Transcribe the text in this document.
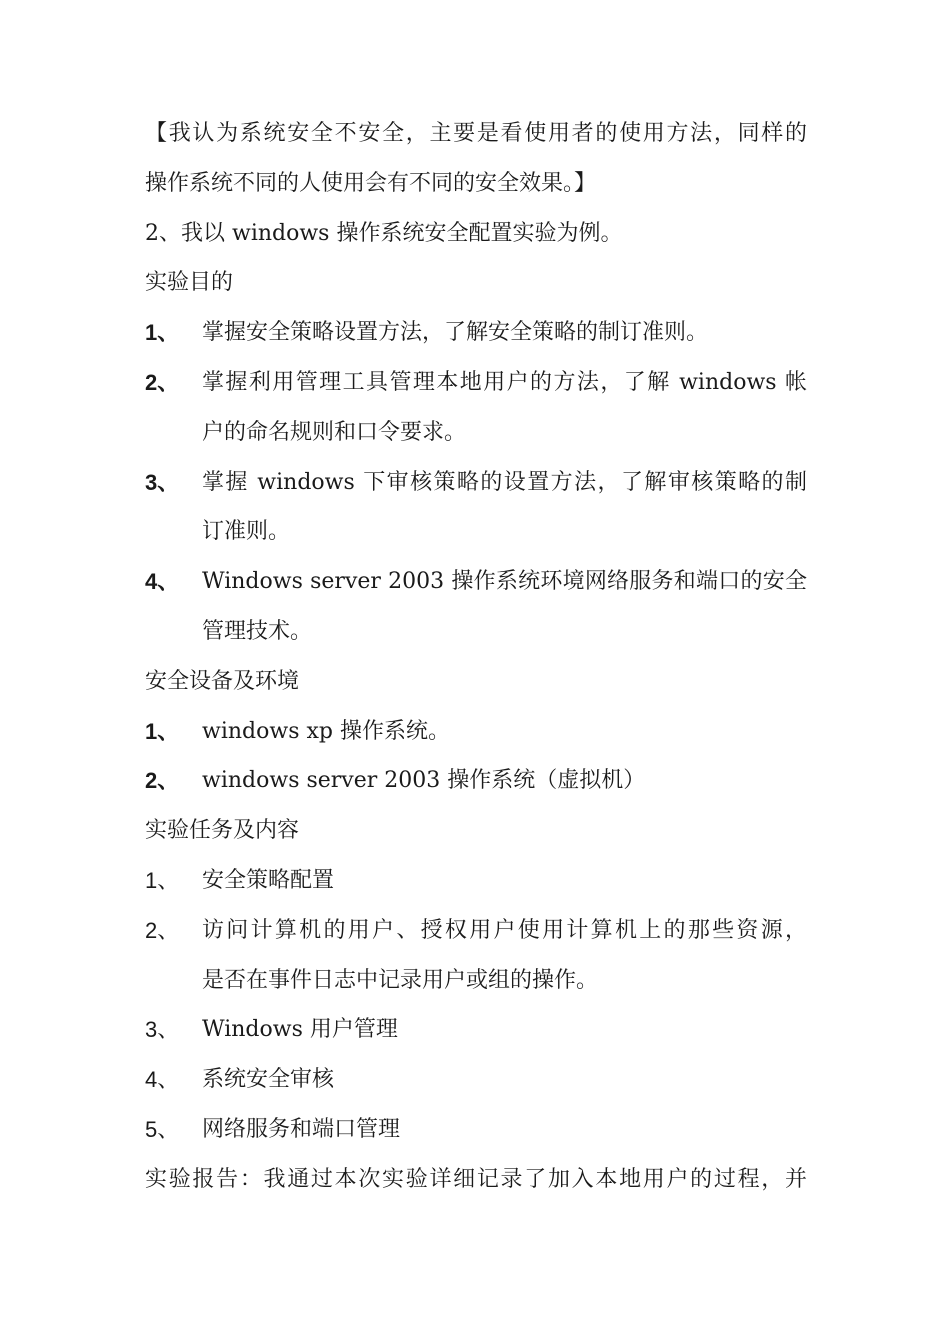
【我认为系统安全不安全，主要是看使用者的使用方法，同样的
操作系统不同的人使用会有不同的安全效果。】
2、我以 windows 操作系统安全配置实验为例。
实验目的
1、	掌握安全策略设置方法，了解安全策略的制订准则。
2、	掌握利用管理工具管理本地用户的方法，了解 windows 帐
户的命名规则和口令要求。
3、	掌握 windows 下审核策略的设置方法，了解审核策略的制
订准则。
4、	Windows server 2003 操作系统环境网络服务和端口的安全
管理技术。
安全设备及环境
1、	windows xp 操作系统。
2、	windows server 2003 操作系统（虚拟机）
实验任务及内容
1、	安全策略配置
2、	访问计算机的用户、授权用户使用计算机上的那些资源，
是否在事件日志中记录用户或组的操作。
3、	Windows 用户管理
4、	系统安全审核
5、	网络服务和端口管理
实验报告：我通过本次实验详细记录了加入本地用户的过程，并
